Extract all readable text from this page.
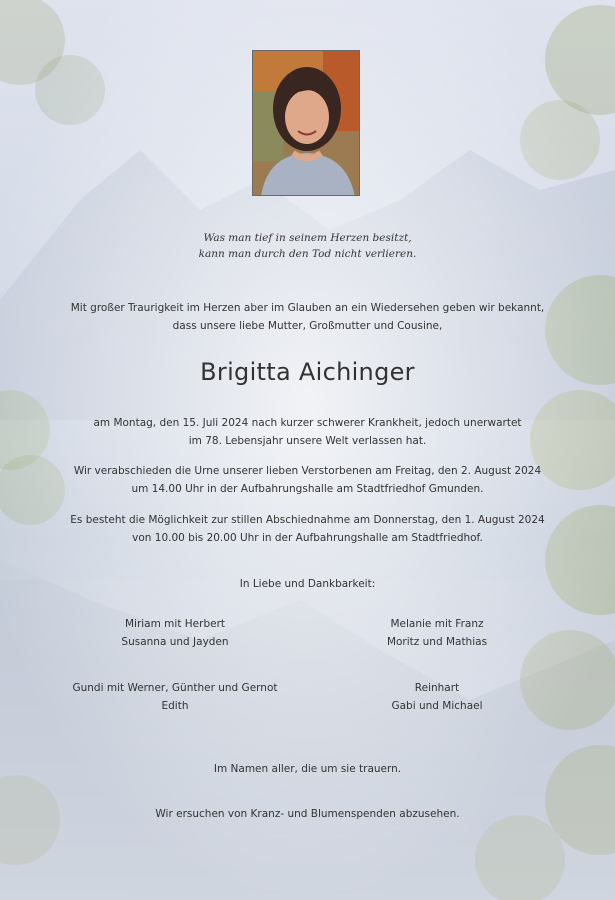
Was man tief in seinem Herzen besitzt,
kann man durch den Tod nicht verlieren.
Mit großer Traurigkeit im Herzen aber im Glauben an ein Wiedersehen geben wir bekannt,
dass unsere liebe Mutter, Großmutter und Cousine,
Brigitta Aichinger
am Montag, den 15. Juli 2024 nach kurzer schwerer Krankheit, jedoch unerwartet
im 78. Lebensjahr unsere Welt verlassen hat.
Wir verabschieden die Urne unserer lieben Verstorbenen am Freitag, den 2. August 2024
um 14.00 Uhr in der Aufbahrungshalle am Stadtfriedhof Gmunden.
Es besteht die Möglichkeit zur stillen Abschiednahme am Donnerstag, den 1. August 2024
von 10.00 bis 20.00 Uhr in der Aufbahrungshalle am Stadtfriedhof.
In Liebe und Dankbarkeit:
Miriam mit Herbert
Susanna und Jayden
Melanie mit Franz
Moritz und Mathias
Gundi mit Werner, Günther und Gernot
Edith
Reinhart
Gabi und Michael
Im Namen aller, die um sie trauern.
Wir ersuchen von Kranz- und Blumenspenden abzusehen.
